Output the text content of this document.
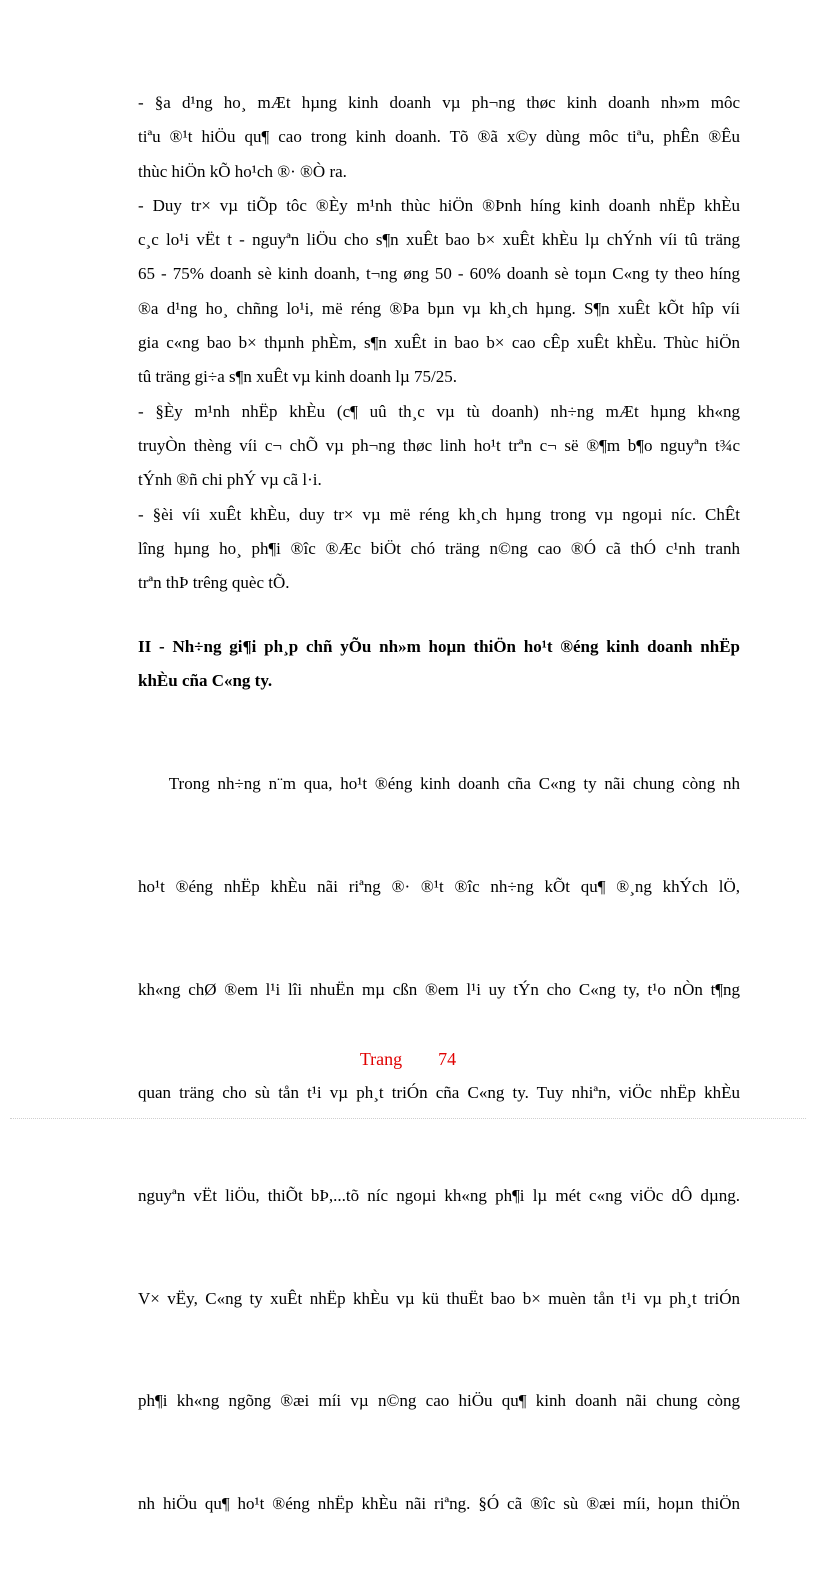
- §a d¹ng ho¸ mÆt hµng kinh doanh vµ ph¬ng thøc kinh doanh nh»m môc
tiªu ®¹t hiÖu qu¶ cao trong kinh doanh. Tõ ®ã x©y dùng môc tiªu, phÊn ®Êu
thùc hiÖn kÕ ho¹ch ®· ®Ò ra.

- Duy tr× vµ tiÕp tôc ®Èy m¹nh thùc hiÖn ®Þnh híng kinh doanh nhËp khÈu
c¸c lo¹i vËt t - nguyªn liÖu cho s¶n xuÊt bao b× xuÊt khÈu lµ chÝnh víi tû träng
65 - 75% doanh sè kinh doanh, t¬ng øng 50 - 60% doanh sè toµn C«ng ty theo híng
®a d¹ng ho¸ chñng lo¹i, më réng ®Þa bµn vµ kh¸ch hµng. S¶n xuÊt kÕt hîp víi
gia c«ng bao b× thµnh phÈm, s¶n xuÊt in bao b× cao cÊp xuÊt khÈu. Thùc hiÖn
tû träng gi÷a s¶n xuÊt vµ kinh doanh lµ 75/25.

- §Èy m¹nh nhËp khÈu (c¶ uû th¸c vµ tù doanh) nh÷ng mÆt hµng kh«ng
truyÒn thèng víi c¬ chÕ vµ ph¬ng thøc linh ho¹t trªn c¬ së ®¶m b¶o nguyªn t¾c
tÝnh ®ñ chi phÝ vµ cã l·i.

- §èi víi xuÊt khÈu, duy tr× vµ më réng kh¸ch hµng trong vµ ngoµi níc. ChÊt
lîng hµng ho¸ ph¶i ®îc ®Æc biÖt chó träng n©ng cao ®Ó cã thÓ c¹nh tranh
trªn thÞ trêng quèc tÕ.

II - Nh÷ng gi¶i ph¸p chñ yÕu nh»m hoµn thiÖn ho¹t ®éng kinh doanh nhËp
khÈu cña C«ng ty.

Trong nh÷ng n¨m qua, ho¹t ®éng kinh doanh cña C«ng ty nãi chung còng nh

ho¹t ®éng nhËp khÈu nãi riªng ®· ®¹t ®îc nh÷ng kÕt qu¶ ®¸ng khÝch lÖ,

kh«ng chØ ®em l¹i lîi nhuËn mµ cßn ®em l¹i uy tÝn cho C«ng ty, t¹o nÒn t¶ng

quan träng cho sù tån t¹i vµ ph¸t triÓn cña C«ng ty. Tuy nhiªn, viÖc nhËp khÈu

nguyªn vËt liÖu, thiÕt bÞ,...tõ níc ngoµi kh«ng ph¶i lµ mét c«ng viÖc dÔ dµng.

V× vËy, C«ng ty xuÊt nhËp khÈu vµ kü thuËt bao b× muèn tån t¹i vµ ph¸t triÓn

ph¶i kh«ng ngõng ®æi míi vµ n©ng cao hiÖu qu¶ kinh doanh nãi chung còng

nh hiÖu qu¶ ho¹t ®éng nhËp khÈu nãi riªng. §Ó cã ®îc sù ®æi míi, hoµn thiÖn

Trang 74
